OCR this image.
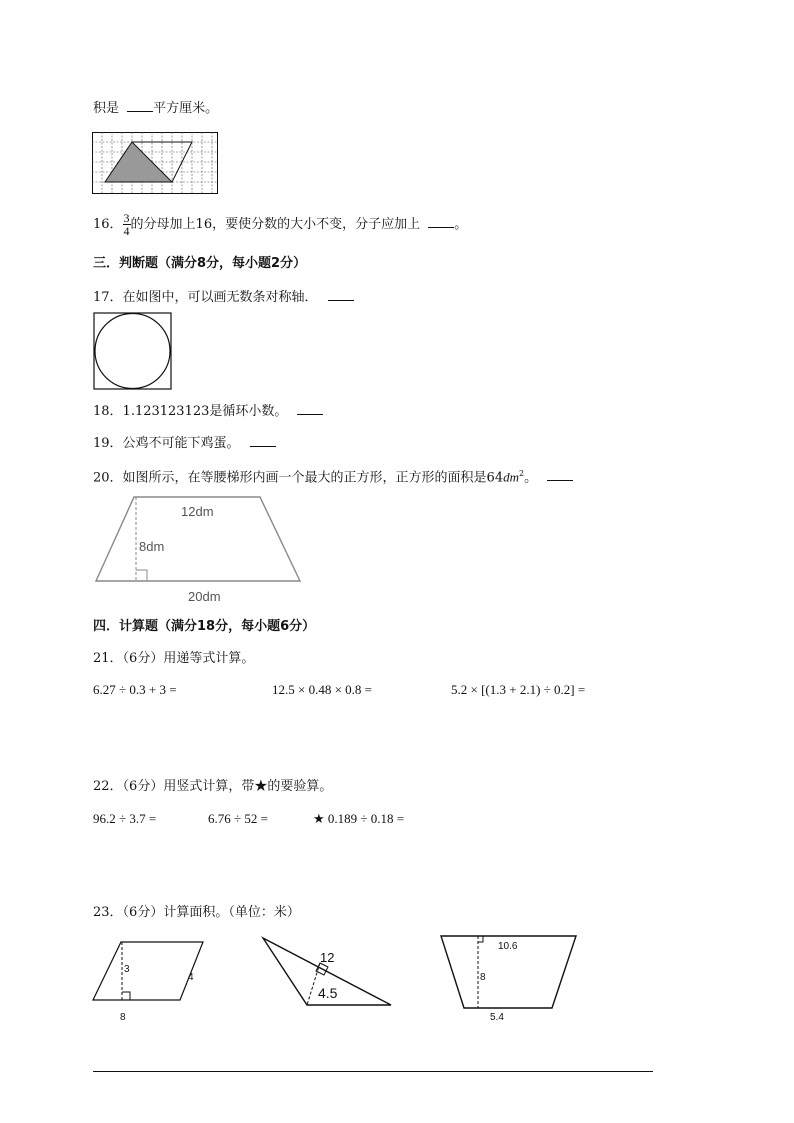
积是 平方厘米。
16． $\frac{3}{4}$ 的分母加上16，要使分数的大小不变，分子应加上 。
三．判断题（满分8分，每小题2分）
17．在如图中，可以画无数条对称轴．
18．1.123123123是循环小数。
19．公鸡不可能下鸡蛋。
20．如图所示，在等腰梯形内画一个最大的正方形，正方形的面积是$64dm^2$。
12dm
8dm
20dm
四．计算题（满分18分，每小题6分）
21．（6分）用递等式计算。
6.27 ÷ 0.3 + 3 =	12.5 × 0.48 × 0.8 =	5.2 × [(1.3 + 2.1) ÷ 0.2] =
22．（6分）用竖式计算，带★的要验算。
96.2 ÷ 3.7 =	6.76 ÷ 52 =	★ 0.189 ÷ 0.18 =
23．（6分）计算面积。（单位：米）
3
4
8
12
4.5
10.6
8
5.4
